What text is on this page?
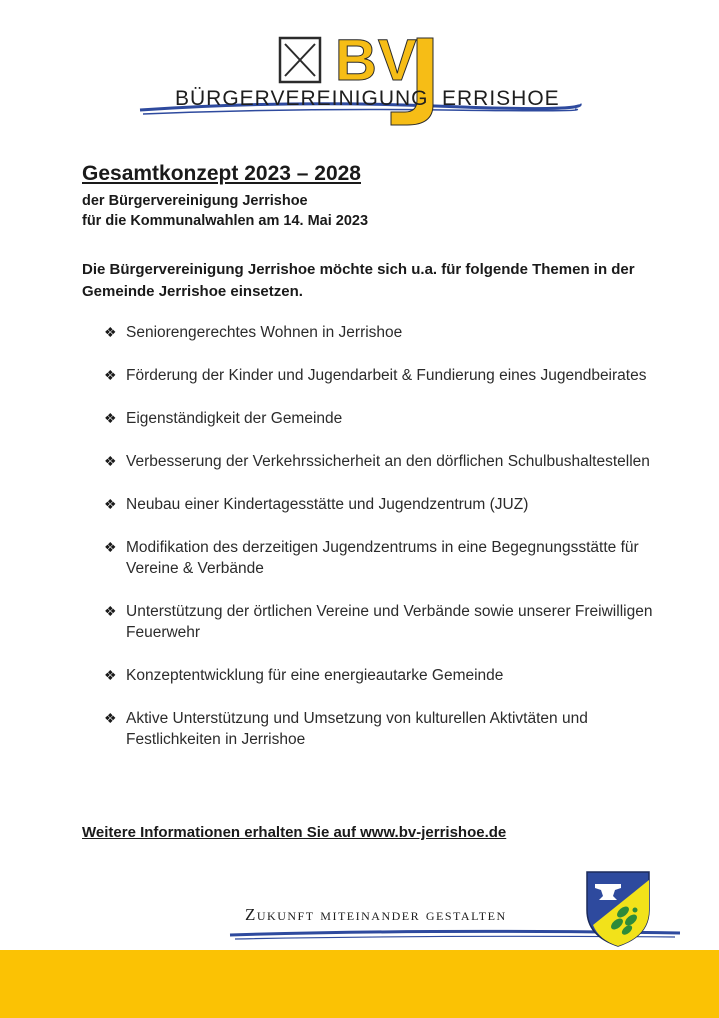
BV
BÜRGERVEREINIGUNG ERRISHOE
Gesamtkonzept 2023 – 2028
der Bürgervereinigung Jerrishoe
für die Kommunalwahlen am 14. Mai 2023
Die Bürgervereinigung Jerrishoe möchte sich u.a. für folgende Themen in der Gemeinde Jerrishoe einsetzen.
❖ Seniorengerechtes Wohnen in Jerrishoe
❖ Förderung der Kinder und Jugendarbeit & Fundierung eines Jugendbeirates
❖ Eigenständigkeit der Gemeinde
❖ Verbesserung der Verkehrssicherheit an den dörflichen Schulbushaltestellen
❖ Neubau einer Kindertagesstätte und Jugendzentrum (JUZ)
❖ Modifikation des derzeitigen Jugendzentrums in eine Begegnungsstätte für Vereine & Verbände
❖ Unterstützung der örtlichen Vereine und Verbände sowie unserer Freiwilligen Feuerwehr
❖ Konzeptentwicklung für eine energieautarke Gemeinde
❖ Aktive Unterstützung und Umsetzung von kulturellen Aktivtäten und Festlichkeiten in Jerrishoe
Weitere Informationen erhalten Sie auf www.bv-jerrishoe.de
Zukunft miteinander gestalten
